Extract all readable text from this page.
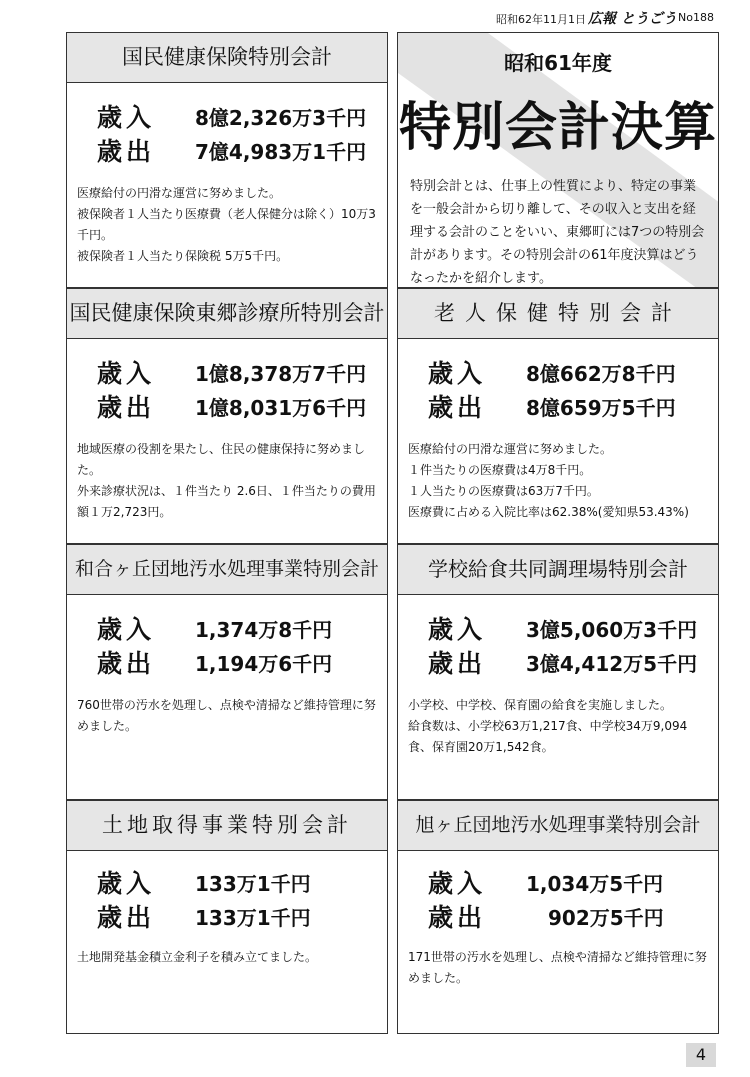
昭和62年11月1日 広報 とうごう No188
昭和61年度
特別会計決算
特別会計とは、仕事上の性質により、特定の事業を一般会計から切り離して、その収入と支出を経理する会計のことをいい、東郷町には7つの特別会計があります。その特別会計の61年度決算はどうなったかを紹介します。
国民健康保険特別会計
歳入 8億2,326万3千円
歳出 7億4,983万1千円

医療給付の円滑な運営に努めました。

被保険者１人当たり医療費（老人保健分は除く）10万3千円。

被保険者１人当たり保険税 5万5千円。

国民健康保険東郷診療所特別会計
歳入 1億8,378万7千円
歳出 1億8,031万6千円

地域医療の役割を果たし、住民の健康保持に努めました。

外来診療状況は、１件当たり 2.6日、１件当たりの費用額１万2,723円。

老人保健特別会計
歳入 8億662万8千円
歳出 8億659万5千円

医療給付の円滑な運営に努めました。

１件当たりの医療費は4万8千円。

１人当たりの医療費は63万7千円。

医療費に占める入院比率は62.38%(愛知県53.43%)

和合ヶ丘団地汚水処理事業特別会計
歳入 1,374万8千円
歳出 1,194万6千円

760世帯の汚水を処理し、点検や清掃など維持管理に努めました。

学校給食共同調理場特別会計
歳入 3億5,060万3千円
歳出 3億4,412万5千円

小学校、中学校、保育園の給食を実施しました。

給食数は、小学校63万1,217食、中学校34万9,094食、保育園20万1,542食。

土地取得事業特別会計
歳入 133万1千円
歳出 133万1千円

土地開発基金積立金利子を積み立てました。

旭ヶ丘団地汚水処理事業特別会計
歳入 1,034万5千円
歳出	902万5千円

171世帯の汚水を処理し、点検や清掃など維持管理に努めました。

4
